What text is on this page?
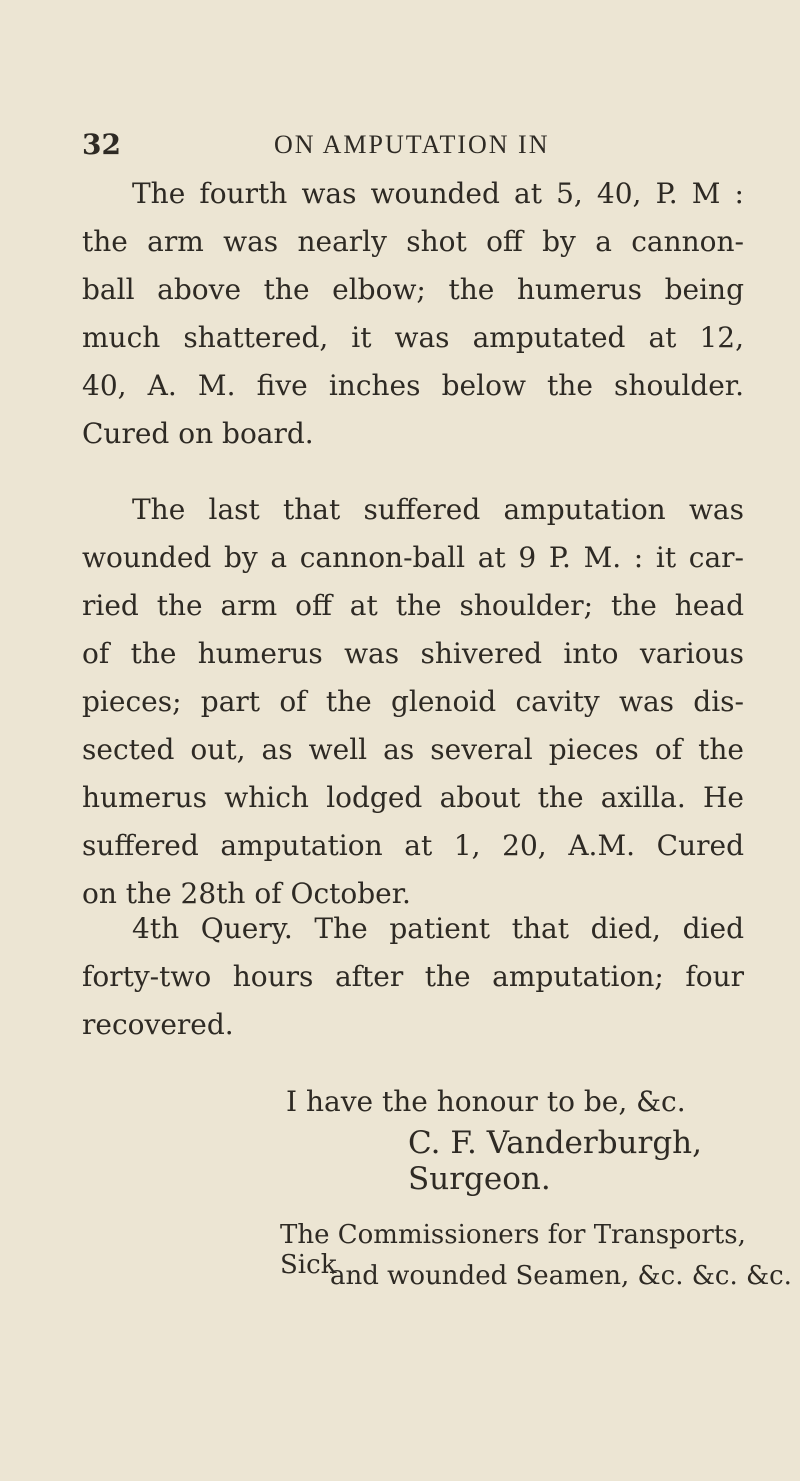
32	ON AMPUTATION IN

The fourth was wounded at 5, 40, P. M :
the arm was nearly shot off by a cannon-
ball above the elbow; the humerus being
much shattered, it was amputated at 12,
40, A. M. five inches below the shoulder.
Cured on board.

The last that suffered amputation was
wounded by a cannon-ball at 9 P. M. : it car-
ried the arm off at the shoulder; the head
of the humerus was shivered into various
pieces; part of the glenoid cavity was dis-
sected out, as well as several pieces of the
humerus which lodged about the axilla. He
suffered amputation at 1, 20, A.M. Cured
on the 28th of October.

4th Query. The patient that died, died
forty-two hours after the amputation; four
recovered.

I have the honour to be, &c.
C. F. Vanderburgh, Surgeon.
The Commissioners for Transports, Sick
and wounded Seamen, &c. &c. &c.
